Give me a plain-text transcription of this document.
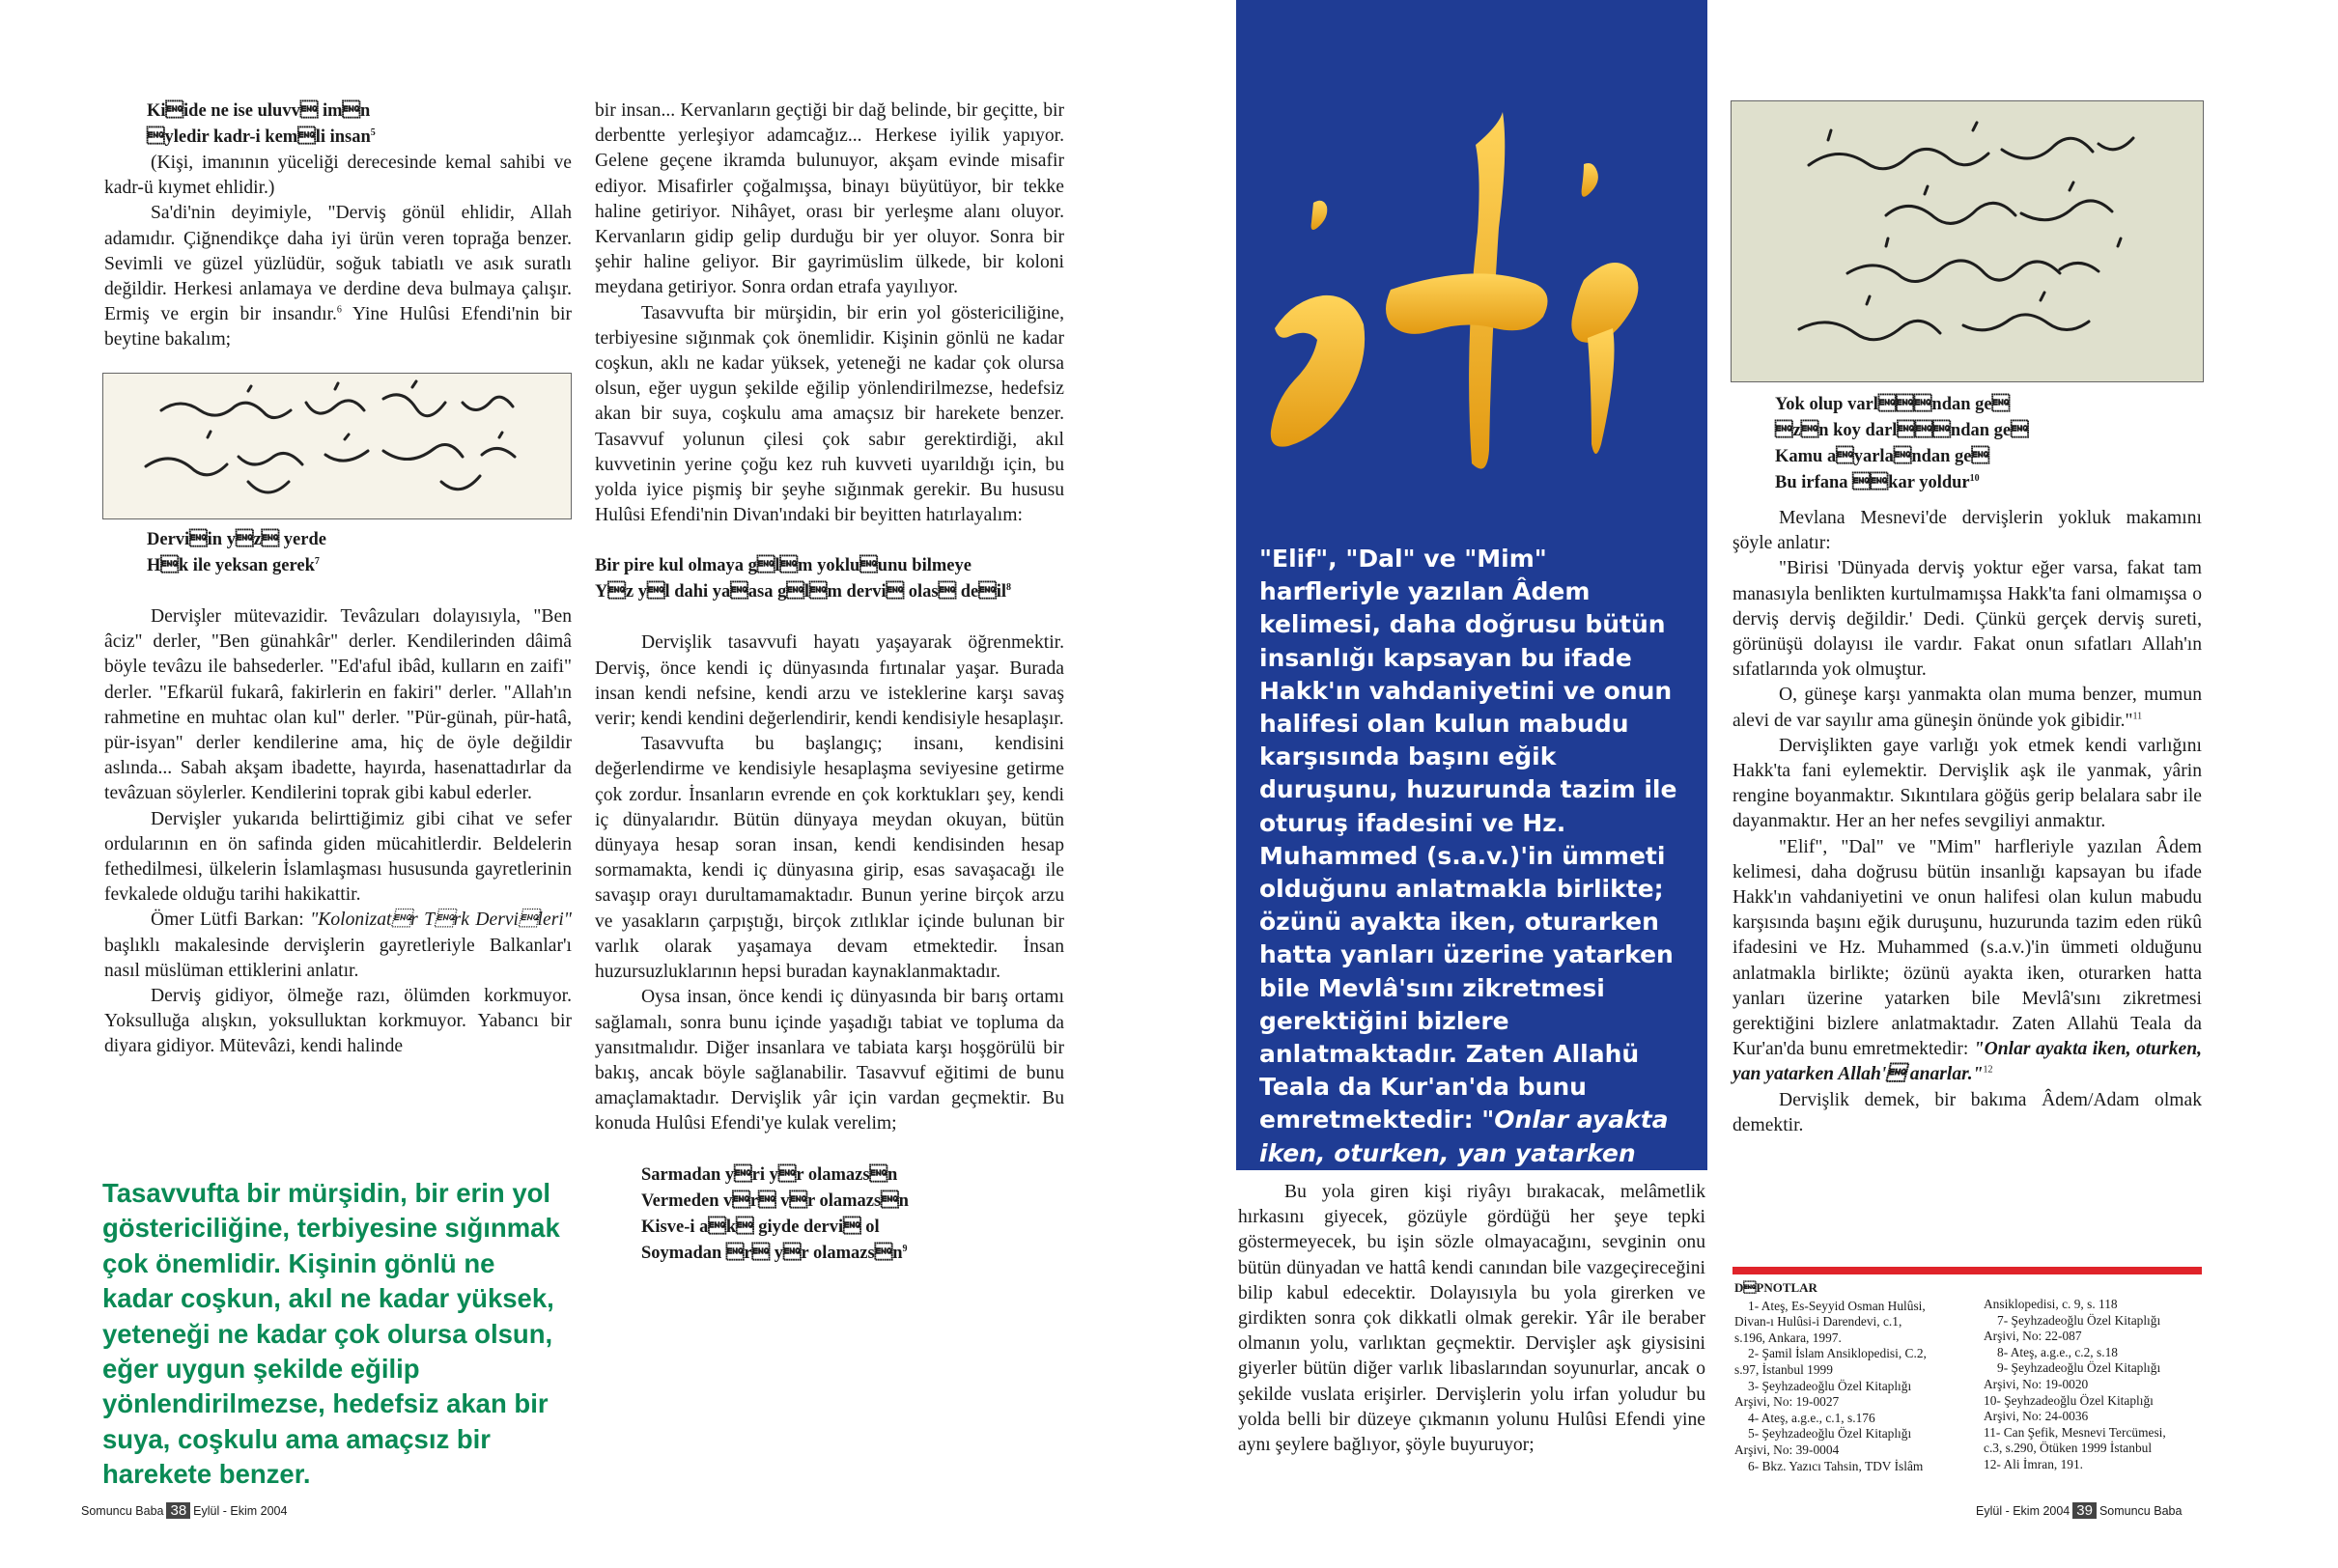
Kiide ne ise uluvv imn
yledir kadr-i kemli insan$^5$

(Kişi, imanının yüceliği derecesinde kemal sahibi ve kadr-ü kıymet ehlidir.)

Sa'di'nin deyimiyle, "Derviş gönül ehlidir, Allah adamıdır. Çiğnendikçe daha iyi ürün veren toprağa benzer. Sevimli ve güzel yüzlüdür, soğuk tabiatlı ve asık suratlı değildir. Herkesi anlamaya ve derdine deva bulmaya çalışır. Ermiş ve ergin bir insandır.$^6$ Yine Hulûsi Efendi'nin bir beytine bakalım;

Derviin yz yerde
Hk ile yeksan gerek$^7$

Dervişler mütevazidir. Tevâzuları dolayısıyla, "Ben âciz" derler, "Ben günahkâr" derler. Kendilerinden dâimâ böyle tevâzu ile bahsederler. "Ed'aful ibâd, kulların en zaifi" derler. "Efkarül fukarâ, fakirlerin en fakiri" derler. "Allah'ın rahmetine en muhtac olan kul" derler. "Pür-günah, pür-hatâ, pür-isyan" derler kendilerine ama, hiç de öyle değildir aslında... Sabah akşam ibadette, hayırda, hasenattadırlar da tevâzuan söylerler. Kendilerini toprak gibi kabul ederler.

Dervişler yukarıda belirttiğimiz gibi cihat ve sefer ordularının en ön safinda giden mücahitlerdir. Beldelerin fethedilmesi, ülkelerin İslamlaşması hususunda gayretlerinin fevkalede olduğu tarihi hakikattir.

Ömer Lütfi Barkan: "Kolonizatr Trk Dervileri" başlıklı makalesinde dervişlerin gayretleriyle Balkanlar'ı nasıl müslüman ettiklerini anlatır.

Derviş gidiyor, ölmeğe razı, ölümden korkmuyor. Yoksulluğa alışkın, yoksulluktan korkmuyor. Yabancı bir diyara gidiyor. Mütevâzi, kendi halinde

Tasavvufta bir mürşidin, bir erin yol göstericiliğine, terbiyesine sığınmak çok önemlidir. Kişinin gönlü ne kadar coşkun, akıl ne kadar yüksek, yeteneği ne kadar çok olursa olsun, eğer uygun şekilde eğilip yönlendirilmezse, hedefsiz akan bir suya, coşkulu ama amaçsız bir harekete benzer.

bir insan... Kervanların geçtiği bir dağ belinde, bir geçitte, bir derbentte yerleşiyor adamcağız... Herkese iyilik yapıyor. Gelene geçene ikramda bulunuyor, akşam evinde misafir ediyor. Misafirler çoğalmışsa, binayı büyütüyor, bir tekke haline getiriyor. Nihâyet, orası bir yerleşme alanı oluyor. Kervanların gidip gelip durduğu bir yer oluyor. Sonra bir şehir haline geliyor. Bir gayrimüslim ülkede, bir koloni meydana getiriyor. Sonra ordan etrafa yayılıyor.

Tasavvufta bir mürşidin, bir erin yol göstericiliğine, terbiyesine sığınmak çok önemlidir. Kişinin gönlü ne kadar coşkun, aklı ne kadar yüksek, yeteneği ne kadar çok olursa olsun, eğer uygun şekilde eğilip yönlendirilmezse, hedefsiz akan bir suya, coşkulu ama amaçsız bir harekete benzer. Tasavvuf yolunun çilesi çok sabır gerektirdiği, akıl kuvvetinin yerine çoğu kez ruh kuvveti uyarıldığı için, bu yolda iyice pişmiş bir şeyhe sığınmak gerekir. Bu hususu Hulûsi Efendi'nin Divan'ındaki bir beyitten hatırlayalım:

Bir pire kul olmaya glm yokluunu bilmeye
Yz yl dahi yaasa glm dervi olas $deil^8$

Dervişlik tasavvufi hayatı yaşayarak öğrenmektir. Derviş, önce kendi iç dünyasında fırtınalar yaşar. Burada insan kendi nefsine, kendi arzu ve isteklerine karşı savaş verir; kendi kendini değerlendirir, kendi kendisiyle hesaplaşır.

Tasavvufta bu başlangıç; insanı, kendisini değerlendirme ve kendisiyle hesaplaşma seviyesine getirme çok zordur. İnsanların evrende en çok korktukları şey, kendi iç dünyalarıdır. Bütün dünyaya meydan okuyan, bütün dünyaya hesap soran insan, kendi kendisinden hesap sormamakta, kendi iç dünyasına girip, esas savaşacağı ile savaşıp orayı durultamamaktadır. Bunun yerine birçok arzu ve yasakların çarpıştığı, birçok zıtlıklar içinde bulunan bir varlık olarak yaşamaya devam etmektedir. İnsan huzursuzluklarının hepsi buradan kaynaklanmaktadır.

Oysa insan, önce kendi iç dünyasında bir barış ortamı sağlamalı, sonra bunu içinde yaşadığı tabiat ve topluma da yansıtmalıdır. Diğer insanlara ve tabiata karşı hoşgörülü bir bakış, ancak böyle sağlanabilir. Tasavvuf eğitimi de bunu amaçlamaktadır. Dervişlik yâr için vardan geçmektir. Bu konuda Hulûsi Efendi'ye kulak verelim;

Sarmadan yri yr olamazsn
Vermeden vr vr olamazsn
Kisve-i ak giyde dervi ol
Soymadan r yr $olamazsn^9$
Somuncu Baba 38 Eylül - Ekim 2004
"Elif", "Dal" ve "Mim" harfleriyle yazılan Âdem kelimesi, daha doğrusu bütün insanlığı kapsayan bu ifade Hakk'ın vahdaniyetini ve onun halifesi olan kulun mabudu karşısında başını eğik duruşunu, huzurunda tazim ile oturuş ifadesini ve Hz. Muhammed (s.a.v.)'in ümmeti olduğunu anlatmakla birlikte; özünü ayakta iken, oturarken hatta yanları üzerine yatarken bile Mevlâ'sını zikretmesi gerektiğini bizlere anlatmaktadır. Zaten Allahü Teala da Kur'an'da bunu emretmektedir: "Onlar ayakta iken, oturken, yan yatarken

Bu yola giren kişi riyâyı bırakacak, melâmetlik hırkasını giyecek, gözüyle gördüğü her şeye tepki göstermeyecek, bu işin sözle olmayacağını, sevginin onu bütün dünyadan ve hattâ kendi canından bile vazgeçireceğini bilip kabul edecektir. Dolayısıyla bu yola girerken ve girdikten sonra çok dikkatli olmak gerekir. Yâr ile beraber olmanın yolu, varlıktan geçmektir. Dervişler aşk giysisini giyerler bütün diğer varlık libaslarından soyunurlar, ancak o şekilde vuslata erişirler. Dervişlerin yolu irfan yoludur bu yolda belli bir düzeye çıkmanın yolunu Hulûsi Efendi yine aynı şeylere bağlıyor, şöyle buyuruyor;

Yok olup varlndan ge
zn koy darlndan ge
Kamu ayarlandan ge
Bu irfana kar yoldur$^{10}$

Mevlana Mesnevi'de dervişlerin yokluk makamını şöyle anlatır:

"Birisi 'Dünyada derviş yoktur eğer varsa, fakat tam manasıyla benlikten kurtulmamışsa Hakk'ta fani olmamışsa o derviş derviş değildir.' Dedi. Çünkü gerçek derviş sureti, görünüşü dolayısı ile vardır. Fakat onun sıfatları Allah'ın sıfatlarında yok olmuştur.

O, güneşe karşı yanmakta olan muma benzer, mumun alevi de var sayılır ama güneşin önünde yok gibidir."$^{11}$

Dervişlikten gaye varlığı yok etmek kendi varlığını Hakk'ta fani eylemektir. Dervişlik aşk ile yanmak, yârin rengine boyanmaktır. Sıkıntılara göğüs gerip belalara sabr ile dayanmaktır. Her an her nefes sevgiliyi anmaktır.

"Elif", "Dal" ve "Mim" harfleriyle yazılan Âdem kelimesi, daha doğrusu bütün insanlığı kapsayan bu ifade Hakk'ın vahdaniyetini ve onun halifesi olan kulun mabudu karşısında başını eğik duruşunu, huzurunda tazim eden rükû ifadesini ve Hz. Muhammed (s.a.v.)'in ümmeti olduğunu anlatmakla birlikte; özünü ayakta iken, oturarken hatta yanları üzerine yatarken bile Mevlâ'sını zikretmesi gerektiğini bizlere anlatmaktadır. Zaten Allahü Teala da Kur'an'da bunu emretmektedir: "Onlar ayakta iken, oturken, yan yatarken Allah' anarlar."$^{12}$

Dervişlik demek, bir bakıma Âdem/Adam olmak demektir.

DPNOTLAR
1- Ateş, Es-Seyyid Osman Hulûsi,
Divan-ı Hulûsi-i Darendevi, c.1,
s.196, Ankara, 1997.
2- Şamil İslam Ansiklopedisi, C.2,
s.97, İstanbul 1999
3- Şeyhzadeoğlu Özel Kitaplığı
Arşivi, No: 19-0027
4- Ateş, a.g.e., c.1, s.176
5- Şeyhzadeoğlu Özel Kitaplığı
Arşivi, No: 39-0004
6- Bkz. Yazıcı Tahsin, TDV İslâm
Ansiklopedisi, c. 9, s. 118
7- Şeyhzadeoğlu Özel Kitaplığı
Arşivi, No: 22-087
8- Ateş, a.g.e., c.2, s.18
9- Şeyhzadeoğlu Özel Kitaplığı
Arşivi, No: 19-0020
10- Şeyhzadeoğlu Özel Kitaplığı
Arşivi, No: 24-0036
11- Can Şefik, Mesnevi Tercümesi,
c.3, s.290, Ötüken 1999 İstanbul
12- Ali İmran, 191.
Eylül - Ekim 2004 39 Somuncu Baba
